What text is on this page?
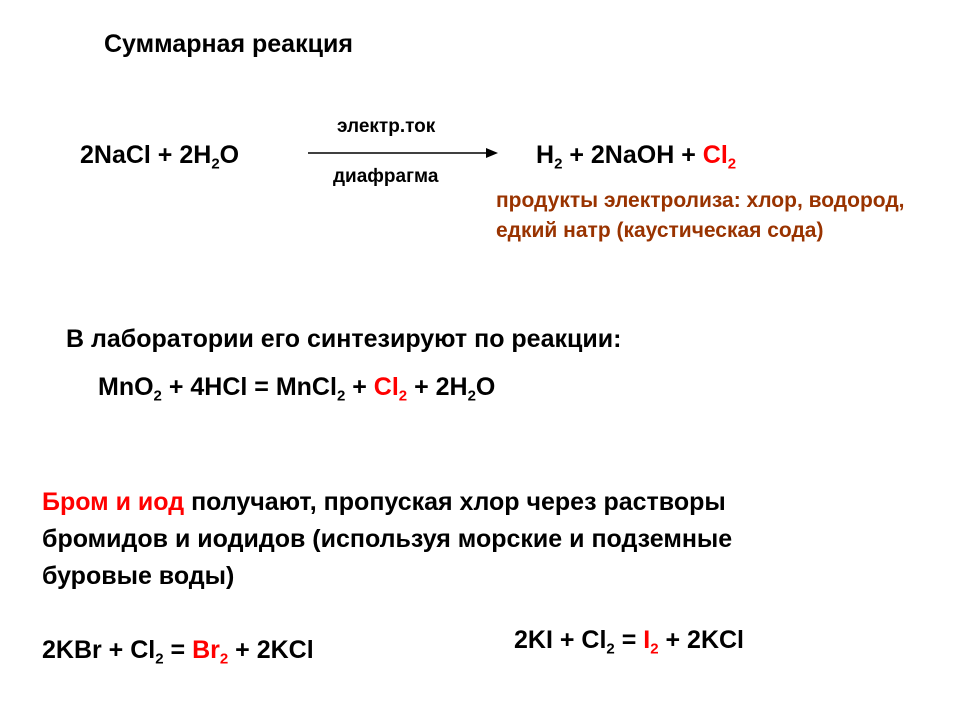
Суммарная реакция
2NaCl + $2H_2O$
электр.ток
диафрагма
$H_2$ + 2NaOH + $Cl_2$
продукты электролиза: хлор, водород, едкий натр (каустическая сода)
В лаборатории его синтезируют по реакции:
MnO$_2$ + 4HCl = MnCl$_2$ + $Cl_2 + 2H_2O$
Бром и иод получают, пропуская хлор через растворы бромидов и иодидов (используя морские и подземные буровые воды)
$2KBr + Cl_2 = Br_2 + 2KCl$	$2KI + Cl_2 = I_2 + 2KCl$
